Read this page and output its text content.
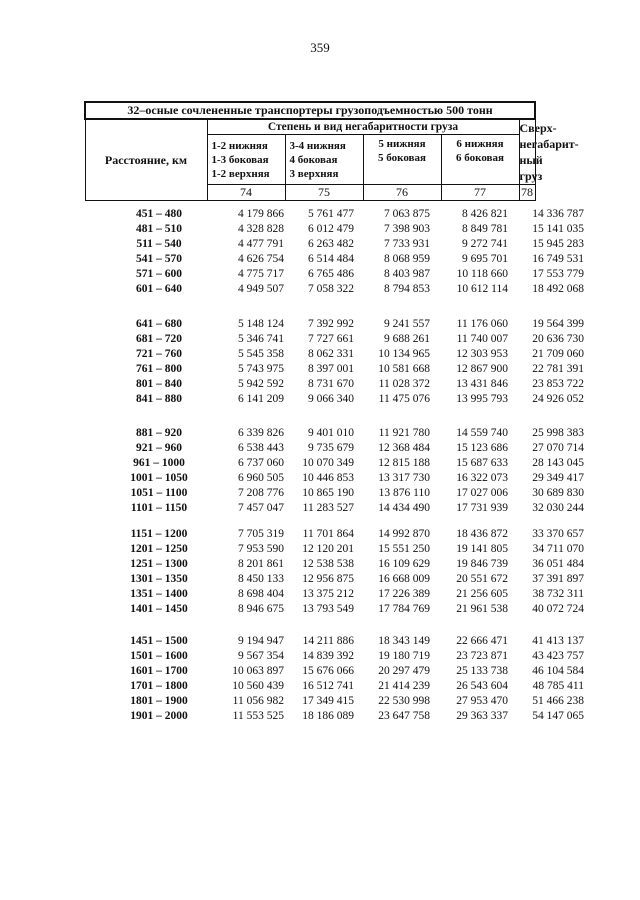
359
32–осные сочлененные транспортеры грузоподъемностью 500 тонн					
Расстояние, км	Степень и вид негабаритности груза				Сверх-
негабарит-
ный груз

	1-2 нижняя
1-3 боковая
1-2 верхняя	3-4 нижняя
4 боковая
3 верхняя	5 нижняя
5 боковая	6 нижняя
6 боковая	

	74	75	76	77	78
451 – 480	4 179 866	5 761 477	7 063 875	8 426 821	14 336 787
481 – 510	4 328 828	6 012 479	7 398 903	8 849 781	15 141 035
511 – 540	4 477 791	6 263 482	7 733 931	9 272 741	15 945 283
541 – 570	4 626 754	6 514 484	8 068 959	9 695 701	16 749 531
571 – 600	4 775 717	6 765 486	8 403 987	10 118 660	17 553 779
601 – 640	4 949 507	7 058 322	8 794 853	10 612 114	18 492 068
641 – 680	5 148 124	7 392 992	9 241 557	11 176 060	19 564 399
681 – 720	5 346 741	7 727 661	9 688 261	11 740 007	20 636 730
721 – 760	5 545 358	8 062 331	10 134 965	12 303 953	21 709 060
761 – 800	5 743 975	8 397 001	10 581 668	12 867 900	22 781 391
801 – 840	5 942 592	8 731 670	11 028 372	13 431 846	23 853 722
841 – 880	6 141 209	9 066 340	11 475 076	13 995 793	24 926 052
881 – 920	6 339 826	9 401 010	11 921 780	14 559 740	25 998 383
921 – 960	6 538 443	9 735 679	12 368 484	15 123 686	27 070 714
961 – 1000	6 737 060	10 070 349	12 815 188	15 687 633	28 143 045
1001 – 1050	6 960 505	10 446 853	13 317 730	16 322 073	29 349 417
1051 – 1100	7 208 776	10 865 190	13 876 110	17 027 006	30 689 830
1101 – 1150	7 457 047	11 283 527	14 434 490	17 731 939	32 030 244
1151 – 1200	7 705 319	11 701 864	14 992 870	18 436 872	33 370 657
1201 – 1250	7 953 590	12 120 201	15 551 250	19 141 805	34 711 070
1251 – 1300	8 201 861	12 538 538	16 109 629	19 846 739	36 051 484
1301 – 1350	8 450 133	12 956 875	16 668 009	20 551 672	37 391 897
1351 – 1400	8 698 404	13 375 212	17 226 389	21 256 605	38 732 311
1401 – 1450	8 946 675	13 793 549	17 784 769	21 961 538	40 072 724
1451 – 1500	9 194 947	14 211 886	18 343 149	22 666 471	41 413 137
1501 – 1600	9 567 354	14 839 392	19 180 719	23 723 871	43 423 757
1601 – 1700	10 063 897	15 676 066	20 297 479	25 133 738	46 104 584
1701 – 1800	10 560 439	16 512 741	21 414 239	26 543 604	48 785 411
1801 – 1900	11 056 982	17 349 415	22 530 998	27 953 470	51 466 238
1901 – 2000	11 553 525	18 186 089	23 647 758	29 363 337	54 147 065
